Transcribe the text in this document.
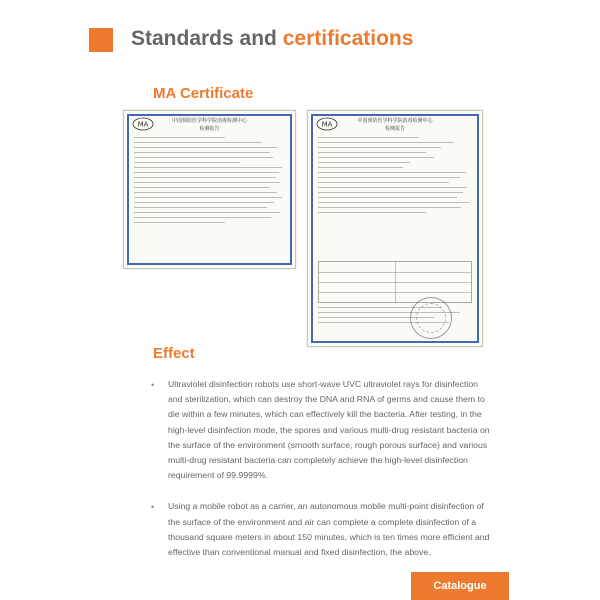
Standards and certifications
MA Certificate
MA	中国预防医学科学院消毒检测中心
检测报告
MA	中国预防医学科学院消毒检测中心
检测报告
Effect
• Ultraviolet disinfection robots use short-wave UVC ultraviolet rays for disinfection and sterilization, which can destroy the DNA and RNA of germs and cause them to die within a few minutes, which can effectively kill the bacteria. After testing, in the high-level disinfection mode, the spores and various multi-drug resistant bacteria on the surface of the environment (smooth surface, rough porous surface) and various multi-drug resistant bacteria can completely achieve the high-level disinfection requirement of 99.9999%.
• Using a mobile robot as a carrier, an autonomous mobile multi-point disinfection of the surface of the environment and air can complete a complete disinfection of a thousand square meters in about 150 minutes, which is ten times more efficient and effective than conventional manual and fixed disinfection, the above.
Catalogue
